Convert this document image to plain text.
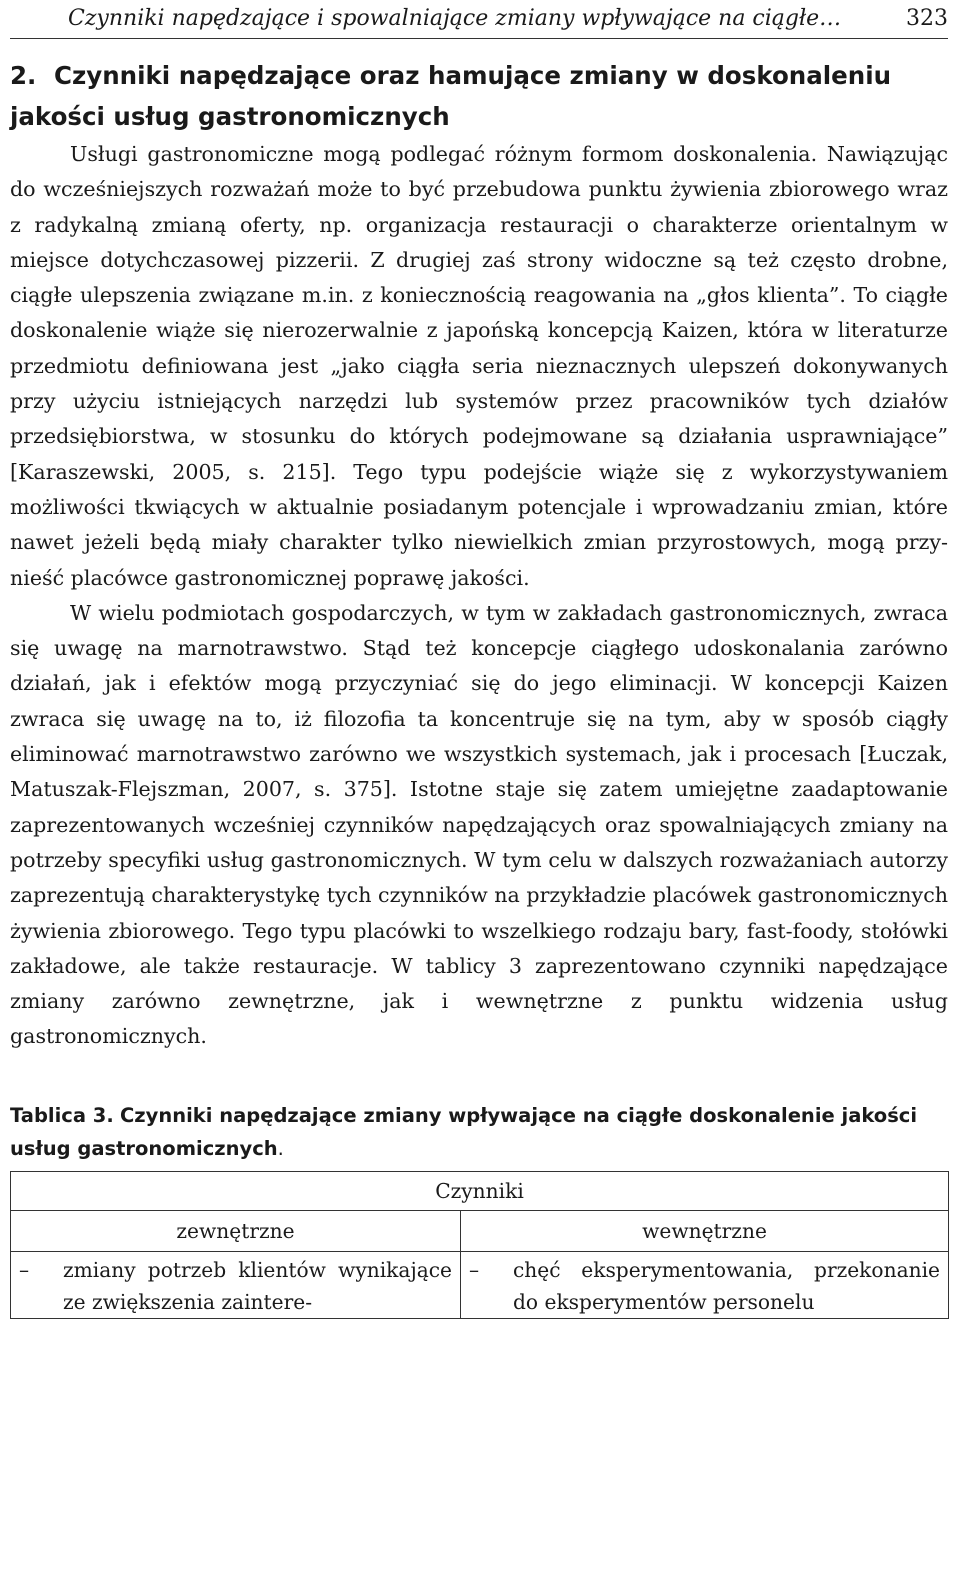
Czynniki napędzające i spowalniające zmiany wpływające na ciągłe…	323
2. Czynniki napędzające oraz hamujące zmiany w doskonaleniu
jakości usług gastronomicznych

Usługi gastronomiczne mogą podlegać różnym formom doskonalenia. Nawiązując do wcześniejszych rozważań może to być przebudowa punktu żywienia zbiorowego wraz z radykalną zmianą oferty, np. organizacja restauracji o charakterze orientalnym w miejsce dotychczasowej pizzerii. Z drugiej zaś strony widoczne są też często drobne, ciągłe ulepszenia związane m.in. z koniecznością reagowania na „głos klienta”. To ciągłe doskonalenie wiąże się nierozerwalnie z japońską koncepcją Kaizen, która w literaturze przedmiotu definiowana jest „jako ciągła seria nieznacznych ulepszeń dokonywanych przy użyciu istniejących narzędzi lub systemów przez pracowników tych działów przedsiębiorstwa, w stosunku do których podejmowane są działania usprawniające” [Karaszewski, 2005, s. 215]. Tego typu podejście wiąże się z wykorzystywaniem możliwości tkwiących w aktualnie posiadanym potencjale i wprowadzaniu zmian, które nawet jeżeli będą miały charakter tylko niewielkich zmian przyrostowych, mogą przynieść placówce gastronomicznej poprawę jakości.

W wielu podmiotach gospodarczych, w tym w zakładach gastronomicznych, zwraca się uwagę na marnotrawstwo. Stąd też koncepcje ciągłego udoskonalania zarówno działań, jak i efektów mogą przyczyniać się do jego eliminacji. W koncepcji Kaizen zwraca się uwagę na to, iż filozofia ta koncentruje się na tym, aby w sposób ciągły eliminować marnotrawstwo zarówno we wszystkich systemach, jak i procesach [Łuczak, Matuszak-Flejszman, 2007, s. 375]. Istotne staje się zatem umiejętne zaadaptowanie zaprezentowanych wcześniej czynników napędzających oraz spowalniających zmiany na potrzeby specyfiki usług gastronomicznych. W tym celu w dalszych rozważaniach autorzy zaprezentują charakterystykę tych czynników na przykładzie placówek gastronomicznych żywienia zbiorowego. Tego typu placówki to wszelkiego rodzaju bary, fast-foody, stołówki zakładowe, ale także restauracje. W tablicy 3 zaprezentowano czynniki napędzające zmiany zarówno zewnętrzne, jak i wewnętrzne z punktu widzenia usług gastronomicznych.

Tablica 3. Czynniki napędzające zmiany wpływające na ciągłe doskonalenie jakości usług gastronomicznych.
Czynniki	
zewnętrzne	wewnętrzne

– zmiany potrzeb klientów wynikające ze zwiększenia zaintere-	– chęć eksperymentowania, przekonanie do eksperymentów personelu
